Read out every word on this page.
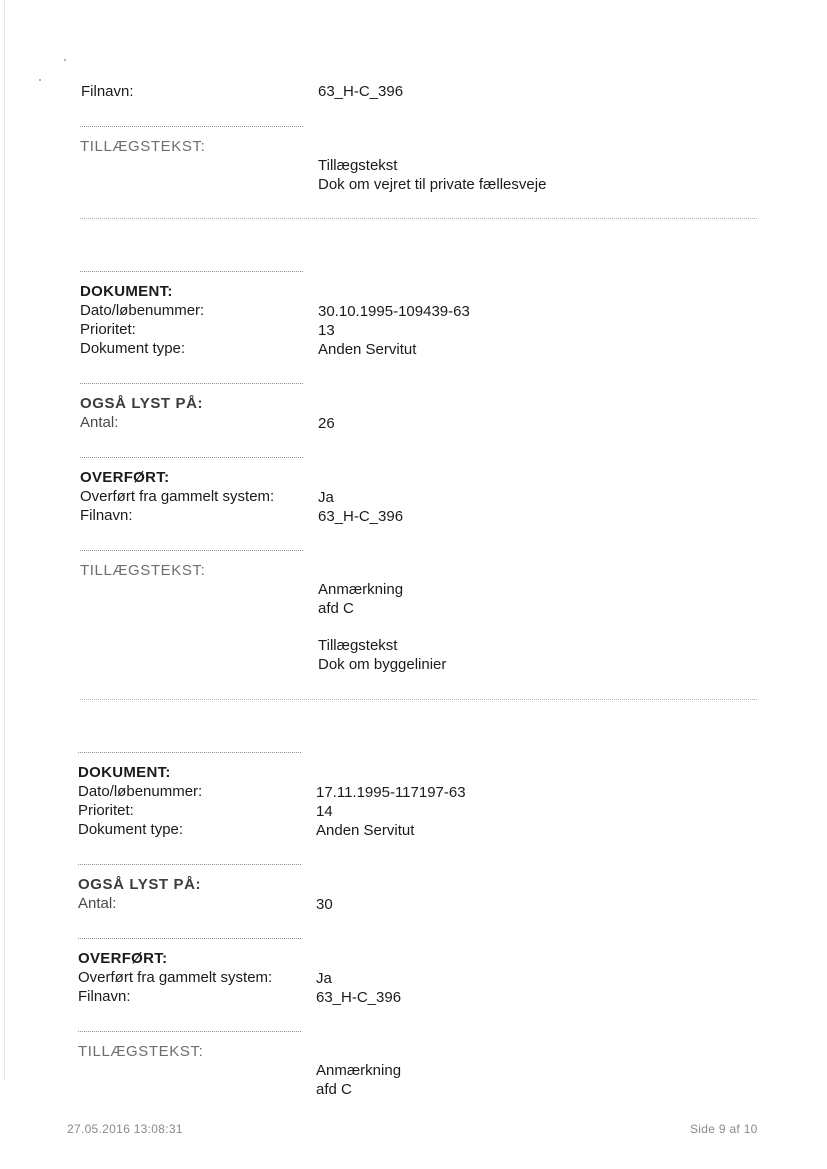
Filnavn:	63_H-C_396
TILLÆGSTEKST:
Tillægstekst
Dok om vejret til private fællesveje
DOKUMENT:
Dato/løbenummer:	30.10.1995-109439-63
Prioritet:	13
Dokument type:	Anden Servitut
OGSÅ LYST PÅ:
Antal:	26
OVERFØRT:
Overført fra gammelt system:	Ja
Filnavn:	63_H-C_396
TILLÆGSTEKST:
Anmærkning
afd C
Tillægstekst
Dok om byggelinier
DOKUMENT:
Dato/løbenummer:	17.11.1995-117197-63
Prioritet:	14
Dokument type:	Anden Servitut
OGSÅ LYST PÅ:
Antal:	30
OVERFØRT:
Overført fra gammelt system:	Ja
Filnavn:	63_H-C_396
TILLÆGSTEKST:
Anmærkning
afd C
27.05.2016 13:08:31	Side 9 af 10
